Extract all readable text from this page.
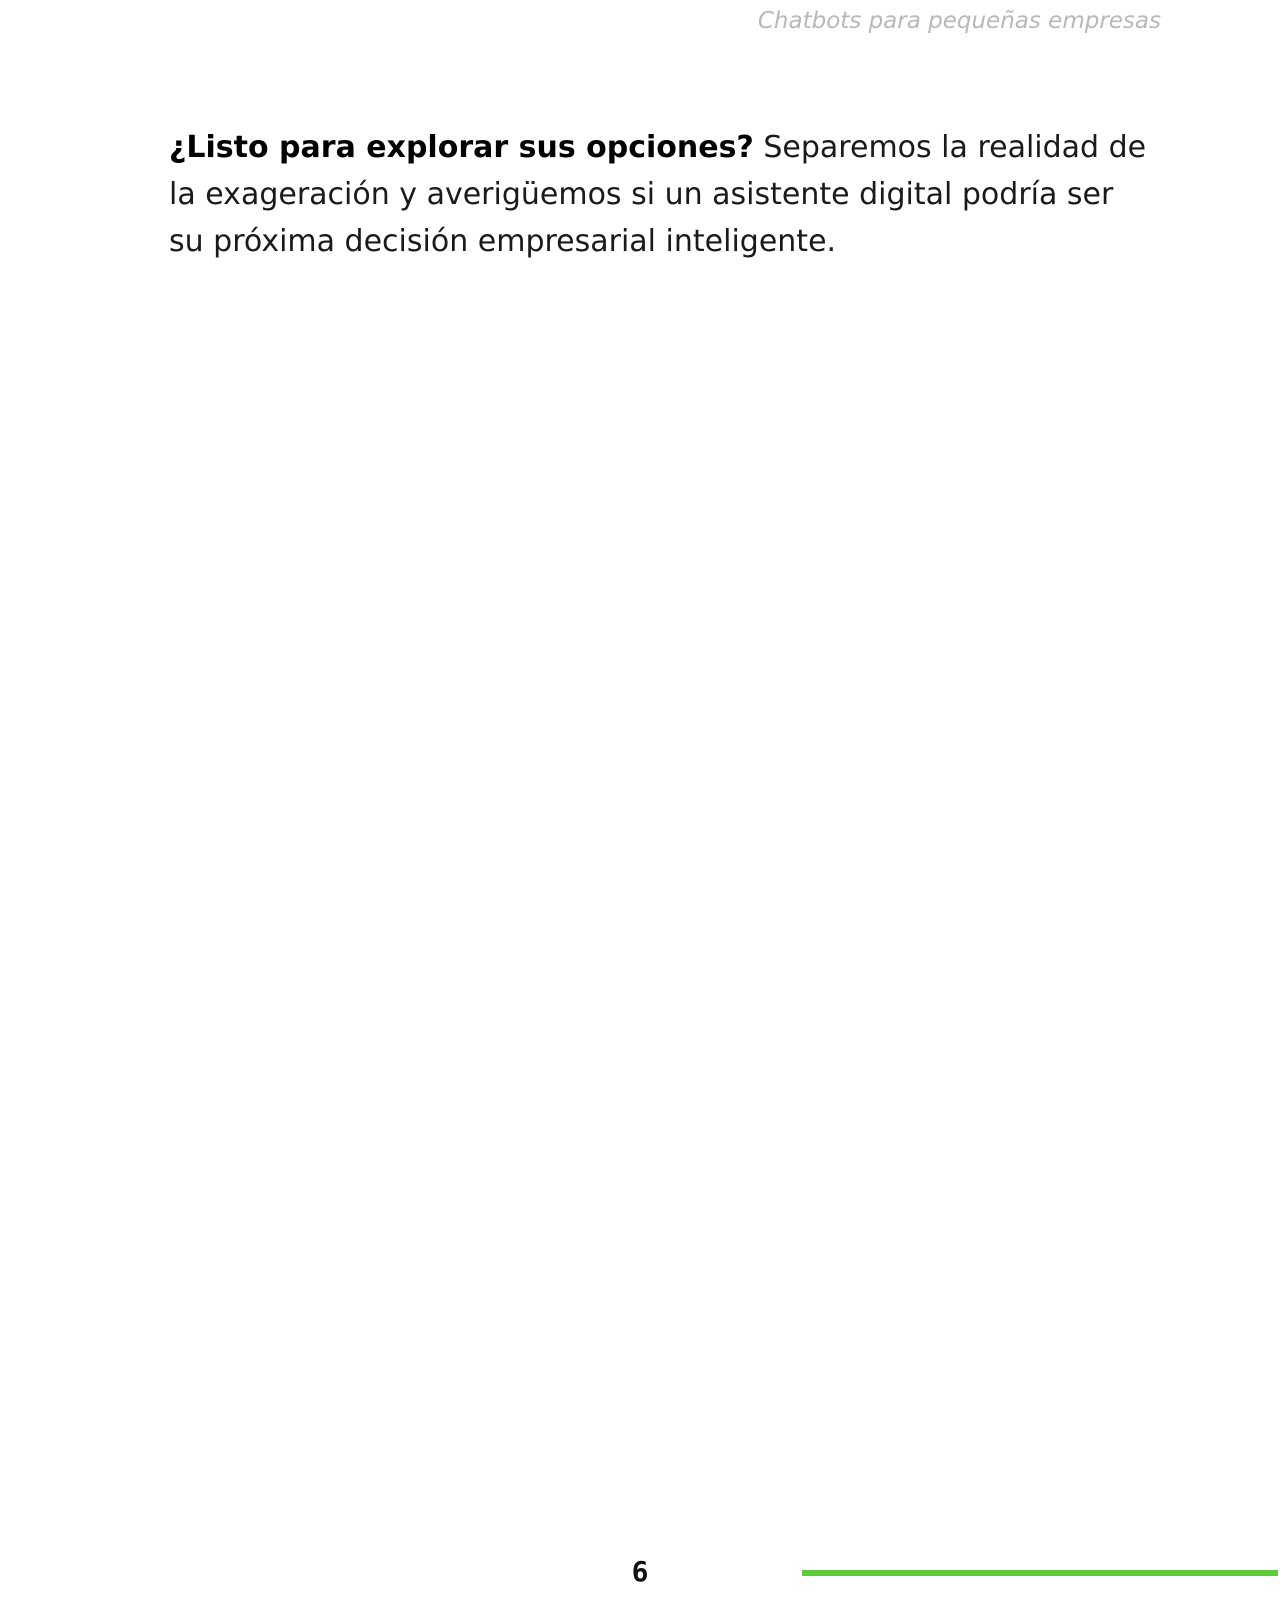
Chatbots para pequeñas empresas

¿Listo para explorar sus opciones? Separemos la realidad de
la exageración y averigüemos si un asistente digital podría ser
su próxima decisión empresarial inteligente.

6
